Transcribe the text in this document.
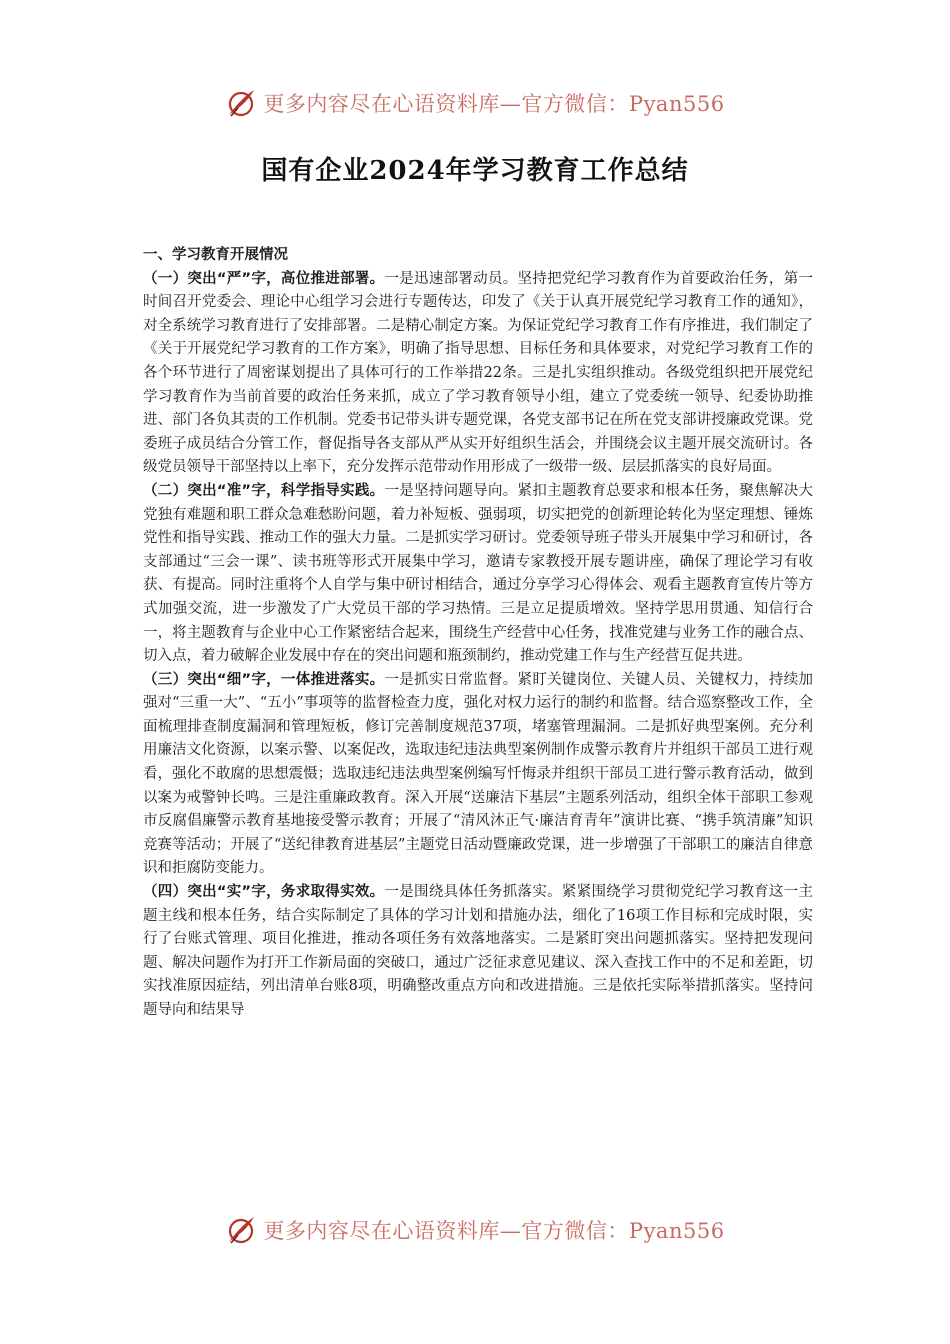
更多内容尽在心语资料库—官方微信：Pyan556
国有企业2024年学习教育工作总结

一、学习教育开展情况

（一）突出“严”字，高位推进部署。一是迅速部署动员。坚持把党纪学习教育作为首要政治任务，第一时间召开党委会、理论中心组学习会进行专题传达，印发了《关于认真开展党纪学习教育工作的通知》，对全系统学习教育进行了安排部署。二是精心制定方案。为保证党纪学习教育工作有序推进，我们制定了《关于开展党纪学习教育的工作方案》，明确了指导思想、目标任务和具体要求，对党纪学习教育工作的各个环节进行了周密谋划提出了具体可行的工作举措22条。三是扎实组织推动。各级党组织把开展党纪学习教育作为当前首要的政治任务来抓，成立了学习教育领导小组，建立了党委统一领导、纪委协助推进、部门各负其责的工作机制。党委书记带头讲专题党课，各党支部书记在所在党支部讲授廉政党课。党委班子成员结合分管工作，督促指导各支部从严从实开好组织生活会，并围绕会议主题开展交流研讨。各级党员领导干部坚持以上率下，充分发挥示范带动作用形成了一级带一级、层层抓落实的良好局面。

（二）突出“准”字，科学指导实践。一是坚持问题导向。紧扣主题教育总要求和根本任务，聚焦解决大党独有难题和职工群众急难愁盼问题，着力补短板、强弱项，切实把党的创新理论转化为坚定理想、锤炼党性和指导实践、推动工作的强大力量。二是抓实学习研讨。党委领导班子带头开展集中学习和研讨，各支部通过“三会一课”、读书班等形式开展集中学习，邀请专家教授开展专题讲座，确保了理论学习有收获、有提高。同时注重将个人自学与集中研讨相结合，通过分享学习心得体会、观看主题教育宣传片等方式加强交流，进一步激发了广大党员干部的学习热情。三是立足提质增效。坚持学思用贯通、知信行合一，将主题教育与企业中心工作紧密结合起来，围绕生产经营中心任务，找准党建与业务工作的融合点、切入点，着力破解企业发展中存在的突出问题和瓶颈制约，推动党建工作与生产经营互促共进。

（三）突出“细”字，一体推进落实。一是抓实日常监督。紧盯关键岗位、关键人员、关键权力，持续加强对“三重一大”、“五小”事项等的监督检查力度，强化对权力运行的制约和监督。结合巡察整改工作，全面梳理排查制度漏洞和管理短板，修订完善制度规范37项，堵塞管理漏洞。二是抓好典型案例。充分利用廉洁文化资源，以案示警、以案促改，选取违纪违法典型案例制作成警示教育片并组织干部员工进行观看，强化不敢腐的思想震慑；选取违纪违法典型案例编写忏悔录并组织干部员工进行警示教育活动，做到以案为戒警钟长鸣。三是注重廉政教育。深入开展“送廉洁下基层”主题系列活动，组织全体干部职工参观市反腐倡廉警示教育基地接受警示教育；开展了“清风沐正气·廉洁育青年”演讲比赛、“携手筑清廉”知识竞赛等活动；开展了“送纪律教育进基层”主题党日活动暨廉政党课，进一步增强了干部职工的廉洁自律意识和拒腐防变能力。

（四）突出“实”字，务求取得实效。一是围绕具体任务抓落实。紧紧围绕学习贯彻党纪学习教育这一主题主线和根本任务，结合实际制定了具体的学习计划和措施办法，细化了16项工作目标和完成时限，实行了台账式管理、项目化推进，推动各项任务有效落地落实。二是紧盯突出问题抓落实。坚持把发现问题、解决问题作为打开工作新局面的突破口，通过广泛征求意见建议、深入查找工作中的不足和差距，切实找准原因症结，列出清单台账8项，明确整改重点方向和改进措施。三是依托实际举措抓落实。坚持问题导向和结果导

更多内容尽在心语资料库—官方微信：Pyan556
